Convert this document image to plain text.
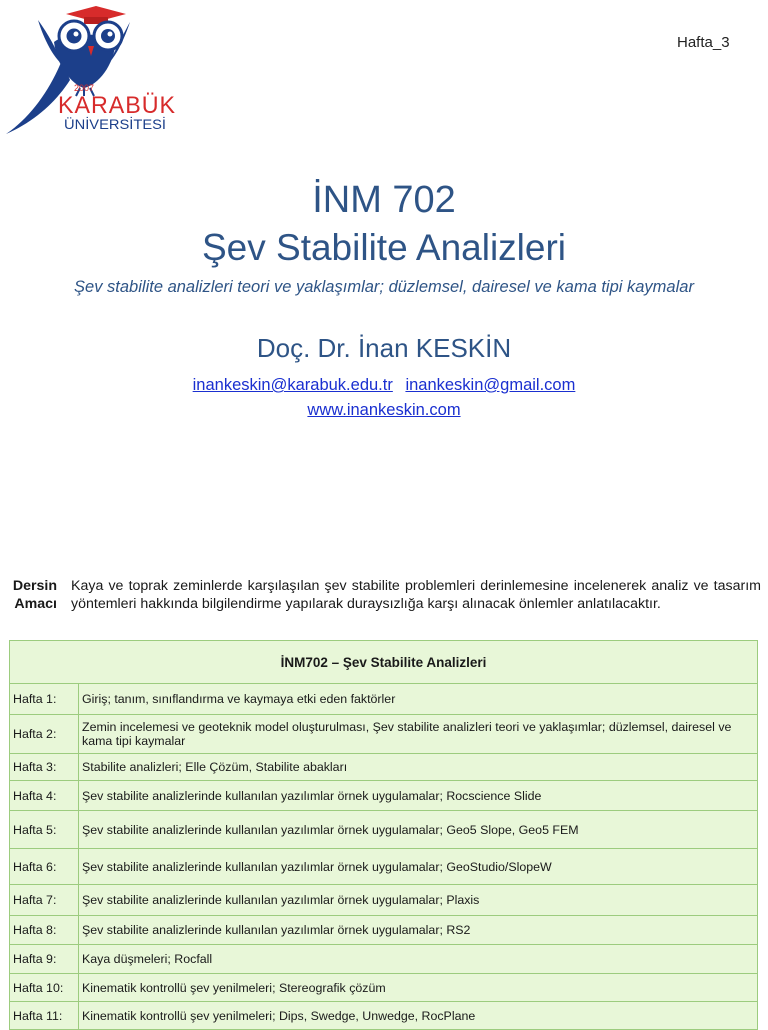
2007
KARABÜK
ÜNİVERSİTESİ
Hafta_3
İNM 702
Şev Stabilite Analizleri
Şev stabilite analizleri teori ve yaklaşımlar; düzlemsel, dairesel ve kama tipi kaymalar
Doç. Dr. İnan KESKİN
inankeskin@karabuk.edu.tr inankeskin@gmail.com
www.inankeskin.com
Dersin
Amacı
Kaya ve toprak zeminlerde karşılaşılan şev stabilite problemleri derinlemesine incelenerek analiz ve tasarım yöntemleri hakkında bilgilendirme yapılarak duraysızlığa karşı alınacak önlemler anlatılacaktır.
İNM702 – Şev Stabilite Analizleri	
Hafta 1:	Giriş; tanım, sınıflandırma ve kaymaya etki eden faktörler
Hafta 2:	Zemin incelemesi ve geoteknik model oluşturulması, Şev stabilite analizleri teori ve yaklaşımlar; düzlemsel, dairesel ve kama tipi kaymalar
Hafta 3:	Stabilite analizleri; Elle Çözüm, Stabilite abakları
Hafta 4:	Şev stabilite analizlerinde kullanılan yazılımlar örnek uygulamalar; Rocscience Slide
Hafta 5:	Şev stabilite analizlerinde kullanılan yazılımlar örnek uygulamalar; Geo5 Slope, Geo5 FEM
Hafta 6:	Şev stabilite analizlerinde kullanılan yazılımlar örnek uygulamalar; GeoStudio/SlopeW
Hafta 7:	Şev stabilite analizlerinde kullanılan yazılımlar örnek uygulamalar; Plaxis
Hafta 8:	Şev stabilite analizlerinde kullanılan yazılımlar örnek uygulamalar; RS2
Hafta 9:	Kaya düşmeleri; Rocfall
Hafta 10:	Kinematik kontrollü şev yenilmeleri; Stereografik çözüm
Hafta 11:	Kinematik kontrollü şev yenilmeleri; Dips, Swedge, Unwedge, RocPlane
